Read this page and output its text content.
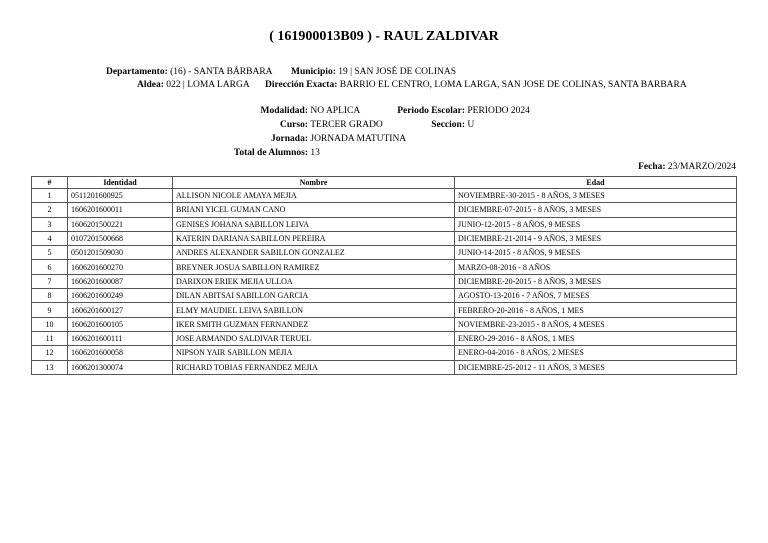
( 161900013B09 ) - RAUL ZALDIVAR
Departamento: (16) - SANTA BÁRBARA Municipio: 19 | SAN JOSÉ DE COLINAS
Aldea: 022 | LOMA LARGA Dirección Exacta: BARRIO EL CENTRO, LOMA LARGA, SAN JOSE DE COLINAS, SANTA BARBARA
Modalidad: NO APLICA	Periodo Escolar: PERIODO 2024
Curso: TERCER GRADO	Seccion: U
Jornada: JORNADA MATUTINA
Total de Alumnos: 13
Fecha: 23/MARZO/2024
#	Identidad	Nombre	Edad
1	0511201600925	ALLISON NICOLE AMAYA MEJIA	NOVIEMBRE-30-2015 - 8 AÑOS, 3 MESES
2	1606201600011	BRIANI YICEL GUMAN CANO	DICIEMBRE-07-2015 - 8 AÑOS, 3 MESES
3	1606201500221	GENISES JOHANA SABILLON LEIVA	JUNIO-12-2015 - 8 AÑOS, 9 MESES
4	0107201500668	KATERIN DARIANA SABILLON PEREIRA	DICIEMBRE-21-2014 - 9 AÑOS, 3 MESES
5	0501201509030	ANDRES ALEXANDER SABILLON GONZALEZ	JUNIO-14-2015 - 8 AÑOS, 9 MESES
6	1606201600270	BREYNER JOSUA SABILLON RAMIREZ	MARZO-08-2016 - 8 AÑOS
7	1606201600087	DARIXON ERIEK MEJIA ULLOA	DICIEMBRE-20-2015 - 8 AÑOS, 3 MESES
8	1606201600249	DILAN ABITSAI SABILLON GARCIA	AGOSTO-13-2016 - 7 AÑOS, 7 MESES
9	1606201600127	ELMY MAUDIEL LEIVA SABILLON	FEBRERO-20-2016 - 8 AÑOS, 1 MES
10	1606201600105	IKER SMITH GUZMAN FERNANDEZ	NOVIEMBRE-23-2015 - 8 AÑOS, 4 MESES
11	1606201600111	JOSE ARMANDO SALDIVAR TERUEL	ENERO-29-2016 - 8 AÑOS, 1 MES
12	1606201600058	NIPSON YAIR SABILLON MEJIA	ENERO-04-2016 - 8 AÑOS, 2 MESES
13	1606201300074	RICHARD TOBIAS FERNANDEZ MEJIA	DICIEMBRE-25-2012 - 11 AÑOS, 3 MESES
